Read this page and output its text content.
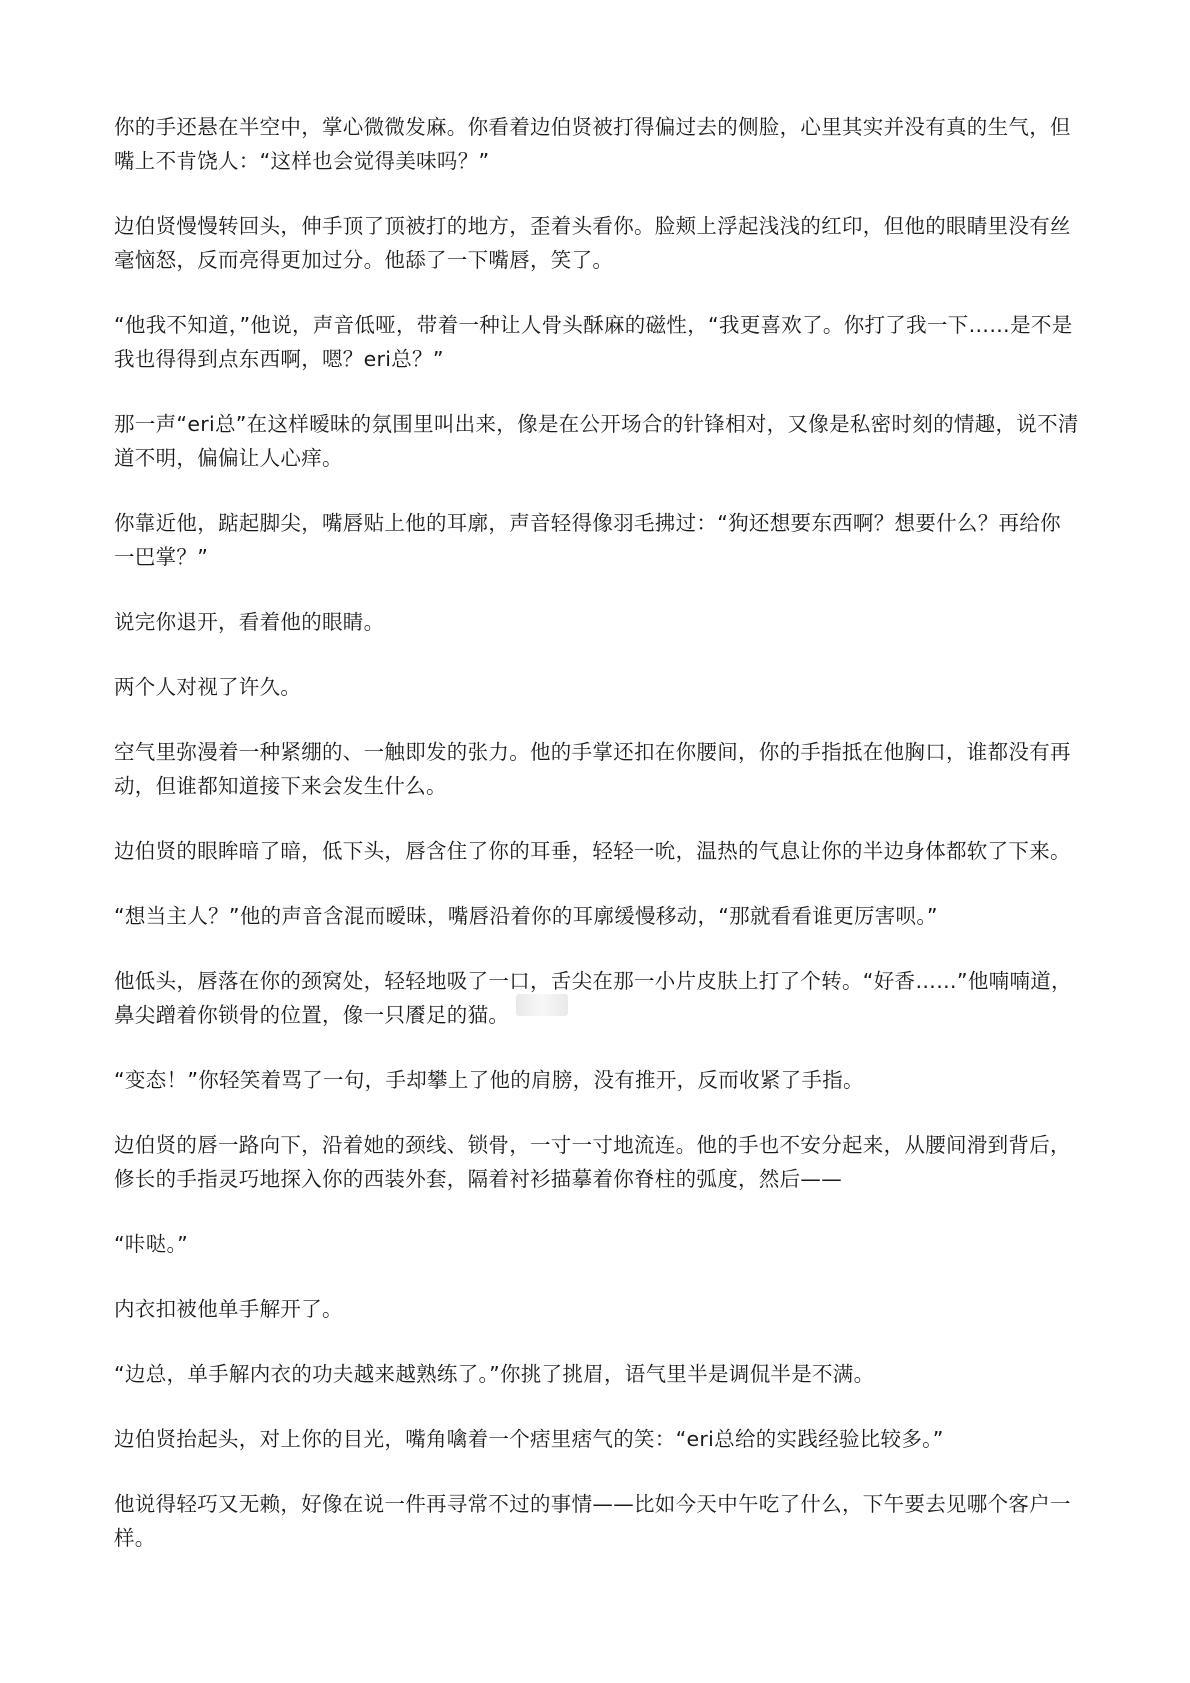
你的手还悬在半空中，掌心微微发麻。你看着边伯贤被打得偏过去的侧脸，心里其实并没有真的生气，但嘴上不肯饶人：“这样也会觉得美味吗？”

边伯贤慢慢转回头，伸手顶了顶被打的地方，歪着头看你。脸颊上浮起浅浅的红印，但他的眼睛里没有丝毫恼怒，反而亮得更加过分。他舔了一下嘴唇，笑了。

“他我不知道，”他说，声音低哑，带着一种让人骨头酥麻的磁性，“我更喜欢了。你打了我一下……是不是我也得得到点东西啊，嗯？eri总？”

那一声“eri总”在这样暧昧的氛围里叫出来，像是在公开场合的针锋相对，又像是私密时刻的情趣，说不清道不明，偏偏让人心痒。

你靠近他，踮起脚尖，嘴唇贴上他的耳廓，声音轻得像羽毛拂过：“狗还想要东西啊？想要什么？再给你一巴掌？”

说完你退开，看着他的眼睛。

两个人对视了许久。

空气里弥漫着一种紧绷的、一触即发的张力。他的手掌还扣在你腰间，你的手指抵在他胸口，谁都没有再动，但谁都知道接下来会发生什么。

边伯贤的眼眸暗了暗，低下头，唇含住了你的耳垂，轻轻一吮，温热的气息让你的半边身体都软了下来。

“想当主人？”他的声音含混而暧昧，嘴唇沿着你的耳廓缓慢移动，“那就看看谁更厉害呗。”

他低头，唇落在你的颈窝处，轻轻地吸了一口，舌尖在那一小片皮肤上打了个转。“好香……”他喃喃道，鼻尖蹭着你锁骨的位置，像一只餍足的猫。

“变态！”你轻笑着骂了一句，手却攀上了他的肩膀，没有推开，反而收紧了手指。

边伯贤的唇一路向下，沿着她的颈线、锁骨，一寸一寸地流连。他的手也不安分起来，从腰间滑到背后，修长的手指灵巧地探入你的西装外套，隔着衬衫描摹着你脊柱的弧度，然后——

“咔哒。”

内衣扣被他单手解开了。

“边总，单手解内衣的功夫越来越熟练了。”你挑了挑眉，语气里半是调侃半是不满。

边伯贤抬起头，对上你的目光，嘴角噙着一个痞里痞气的笑：“eri总给的实践经验比较多。”

他说得轻巧又无赖，好像在说一件再寻常不过的事情——比如今天中午吃了什么，下午要去见哪个客户一样。
